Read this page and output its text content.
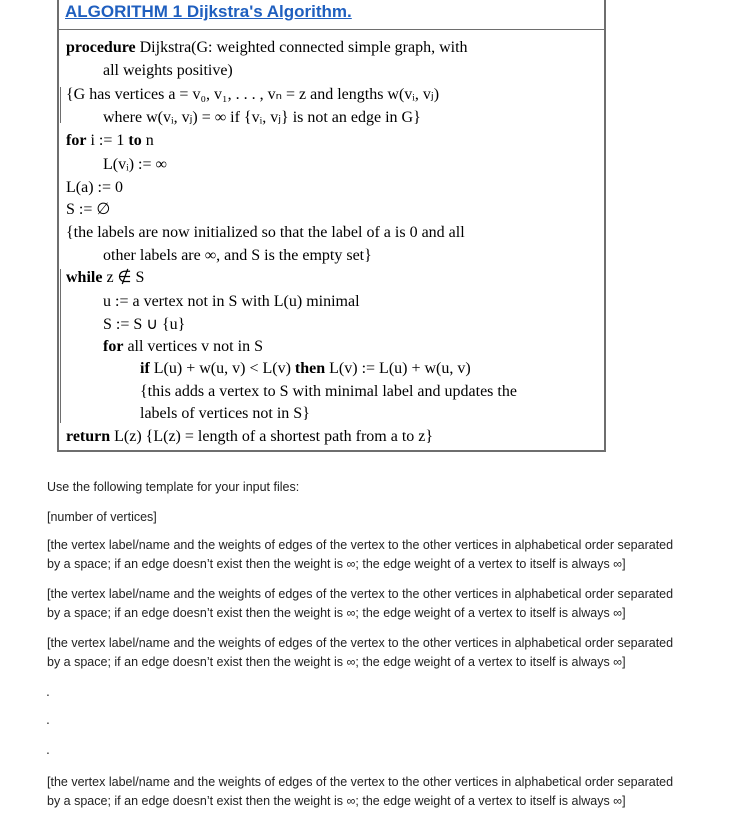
ALGORITHM 1 Dijkstra's Algorithm.
procedure Dijkstra(G: weighted connected simple graph, with
all weights positive)
{G has vertices a = v₀, v₁, . . . , vₙ = z and lengths w(vᵢ, vⱼ)
where w(vᵢ, vⱼ) = ∞ if {vᵢ, vⱼ} is not an edge in G}
for i := 1 to n
L(vᵢ) := ∞
L(a) := 0
S := ∅
{the labels are now initialized so that the label of a is 0 and all
other labels are ∞, and S is the empty set}
while z ∉ S
u := a vertex not in S with L(u) minimal
S := S ∪ {u}
for all vertices v not in S
if L(u) + w(u, v) < L(v) then L(v) := L(u) + w(u, v)
{this adds a vertex to S with minimal label and updates the
labels of vertices not in S}
return L(z) {L(z) = length of a shortest path from a to z}
Use the following template for your input files:
[number of vertices]
[the vertex label/name and the weights of edges of the vertex to the other vertices in alphabetical order separated
by a space; if an edge doesn’t exist then the weight is ∞; the edge weight of a vertex to itself is always ∞]
[the vertex label/name and the weights of edges of the vertex to the other vertices in alphabetical order separated
by a space; if an edge doesn’t exist then the weight is ∞; the edge weight of a vertex to itself is always ∞]
[the vertex label/name and the weights of edges of the vertex to the other vertices in alphabetical order separated
by a space; if an edge doesn’t exist then the weight is ∞; the edge weight of a vertex to itself is always ∞]
.
.
.
[the vertex label/name and the weights of edges of the vertex to the other vertices in alphabetical order separated
by a space; if an edge doesn’t exist then the weight is ∞; the edge weight of a vertex to itself is always ∞]
